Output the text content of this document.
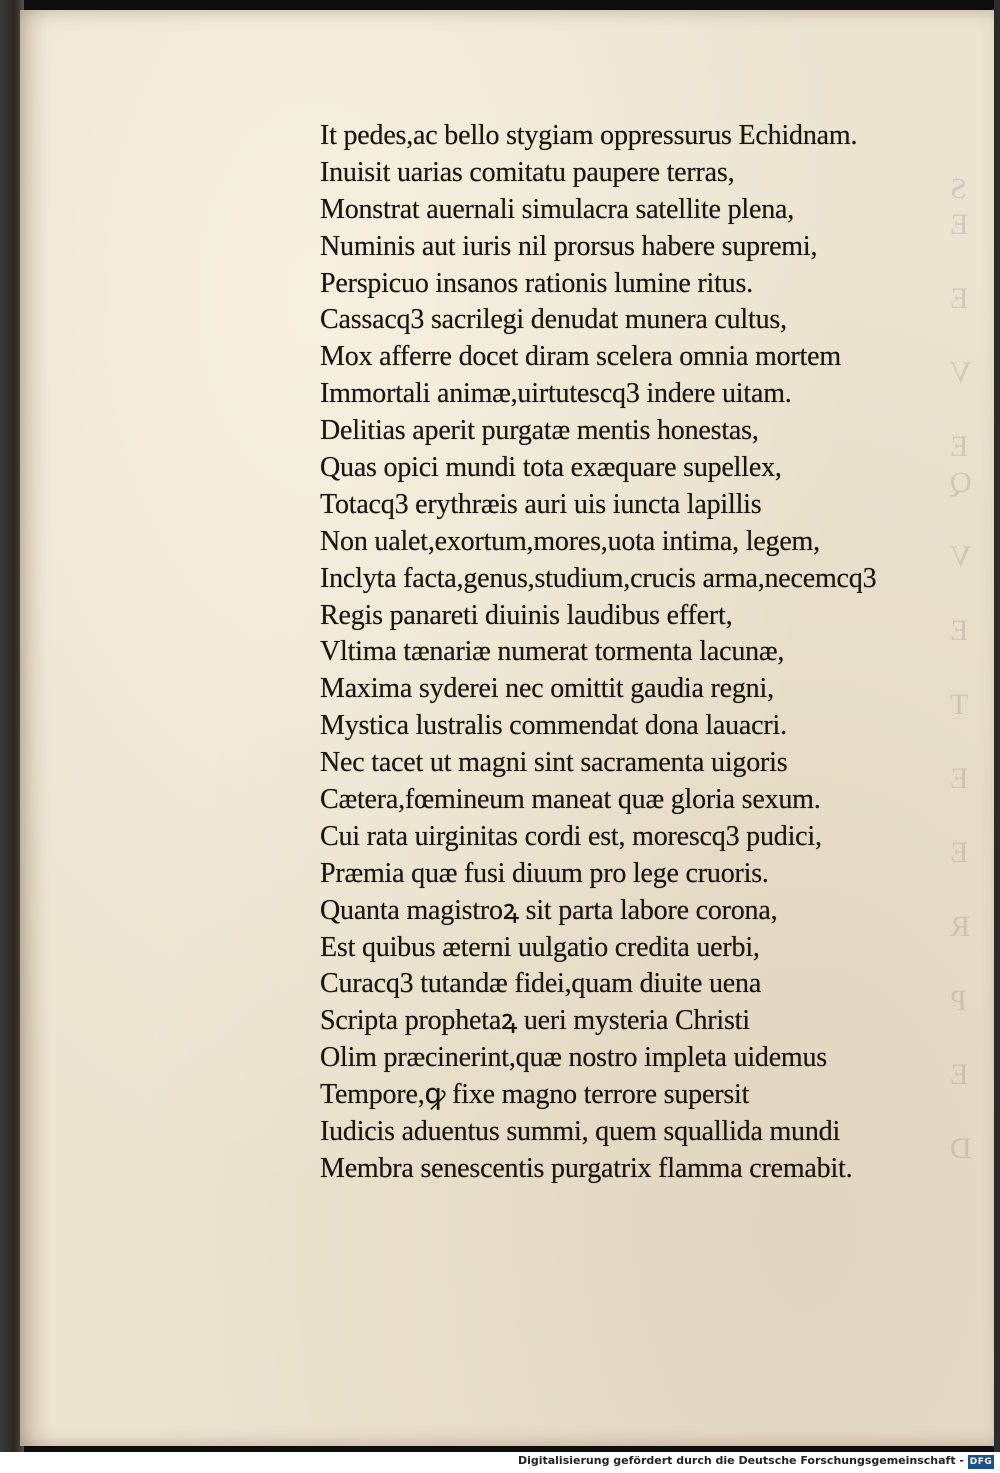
S
E
E
V
E
Q
V
E
T
E
E
R
P
E
D
It pedes,ac bello stygiam oppressurus Echidnam.
Inuisit uarias comitatu paupere terras,
Monstrat auernali simulacra satellite plena,
Numinis aut iuris nil prorsus habere supremi,
Perspicuo insanos rationis lumine ritus.
Cassacq3 sacrilegi denudat munera cultus,
Mox afferre docet diram scelera omnia mortem
Immortali animæ,uirtutescq3 indere uitam.
Delitias aperit purgatæ mentis honestas,
Quas opici mundi tota exæquare supellex,
Totacq3 erythræis auri uis iuncta lapillis
Non ualet,exortum,mores,uota intima, legem,
Inclyta facta,genus,studium,crucis arma,necemcq3
Regis panareti diuinis laudibus effert,
Vltima tænariæ numerat tormenta lacunæ,
Maxima syderei nec omittit gaudia regni,
Mystica lustralis commendat dona lauacri.
Nec tacet ut magni sint sacramenta uigoris
Cætera,fœmineum maneat quæ gloria sexum.
Cui rata uirginitas cordi est, morescq3 pudici,
Præmia quæ fusi diuum pro lege cruoris.
Quanta magistroꝝ sit parta labore corona,
Est quibus æterni uulgatio credita uerbi,
Curacq3 tutandæ fidei,quam diuite uena
Scripta prophetaꝝ ueri mysteria Christi
Olim præcinerint,quæ nostro impleta uidemus
Tempore,ꝙ fixe magno terrore supersit
Iudicis aduentus summi, quem squallida mundi
Membra senescentis purgatrix flamma cremabit.
Digitalisierung gefördert durch die Deutsche Forschungsgemeinschaft - DFG
